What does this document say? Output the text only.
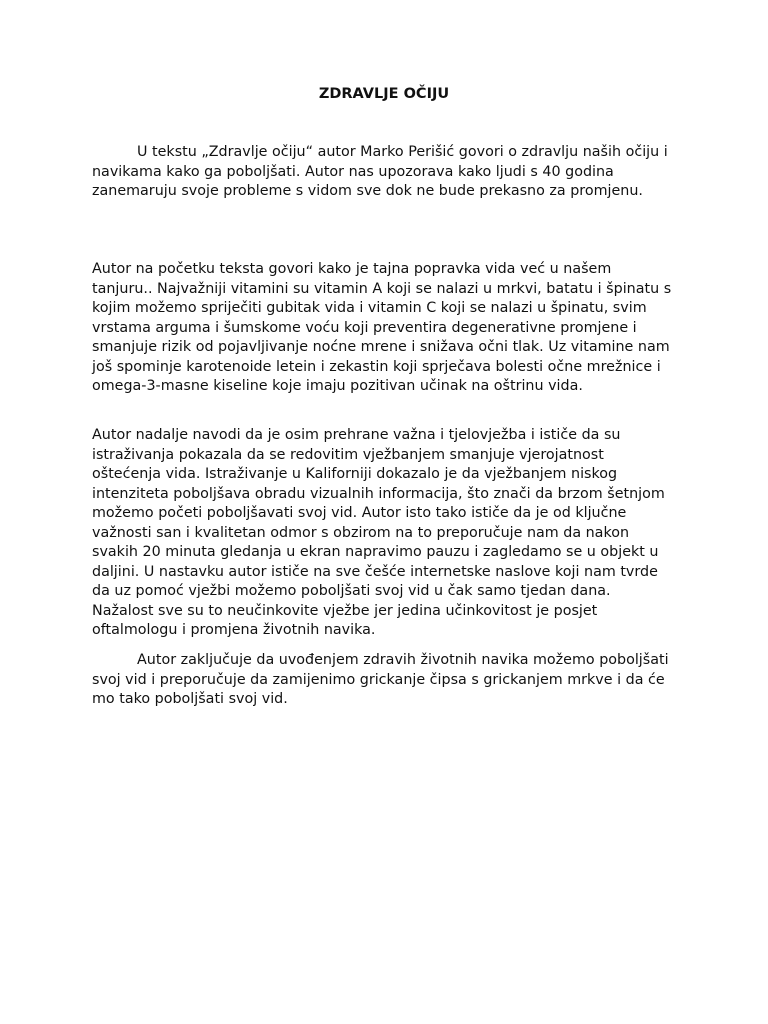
ZDRAVLJE OČIJU

U tekstu „Zdravlje očiju“ autor Marko Perišić govori o zdravlju naših očiju i navikama kako ga poboljšati. Autor nas upozorava kako ljudi s 40 godina zanemaruju svoje probleme s vidom sve dok ne bude prekasno za promjenu.

Autor na početku teksta govori kako je tajna popravka vida već u našem tanjuru.. Najvažniji vitamini su vitamin A koji se nalazi u mrkvi, batatu i špinatu s kojim možemo spriječiti gubitak vida i vitamin C koji se nalazi u špinatu, svim vrstama arguma i šumskome voću koji preventira degenerativne promjene i smanjuje rizik od pojavljivanje noćne mrene i snižava očni tlak. Uz vitamine nam još spominje karotenoide letein i zekastin koji sprječava bolesti očne mrežnice i omega-3-masne kiseline koje imaju pozitivan učinak na oštrinu vida.

Autor nadalje navodi da je osim prehrane važna i tjelovježba i ističe da su istraživanja pokazala da se redovitim vježbanjem smanjuje vjerojatnost oštećenja vida. Istraživanje u Kaliforniji dokazalo je da vježbanjem niskog intenziteta poboljšava obradu vizualnih informacija, što znači da brzom šetnjom možemo početi poboljšavati svoj vid. Autor isto tako ističe da je od ključne važnosti san i kvalitetan odmor s obzirom na to preporučuje nam da nakon svakih 20 minuta gledanja u ekran napravimo pauzu i zagledamo se u objekt u daljini. U nastavku autor ističe na sve češće internetske naslove koji nam tvrde da uz pomoć vježbi možemo poboljšati svoj vid u čak samo tjedan dana. Nažalost sve su to neučinkovite vježbe jer jedina učinkovitost je posjet oftalmologu i promjena životnih navika.

Autor zaključuje da uvođenjem zdravih životnih navika možemo poboljšati svoj vid i preporučuje da zamijenimo grickanje čipsa s grickanjem mrkve i da će mo tako poboljšati svoj vid.
